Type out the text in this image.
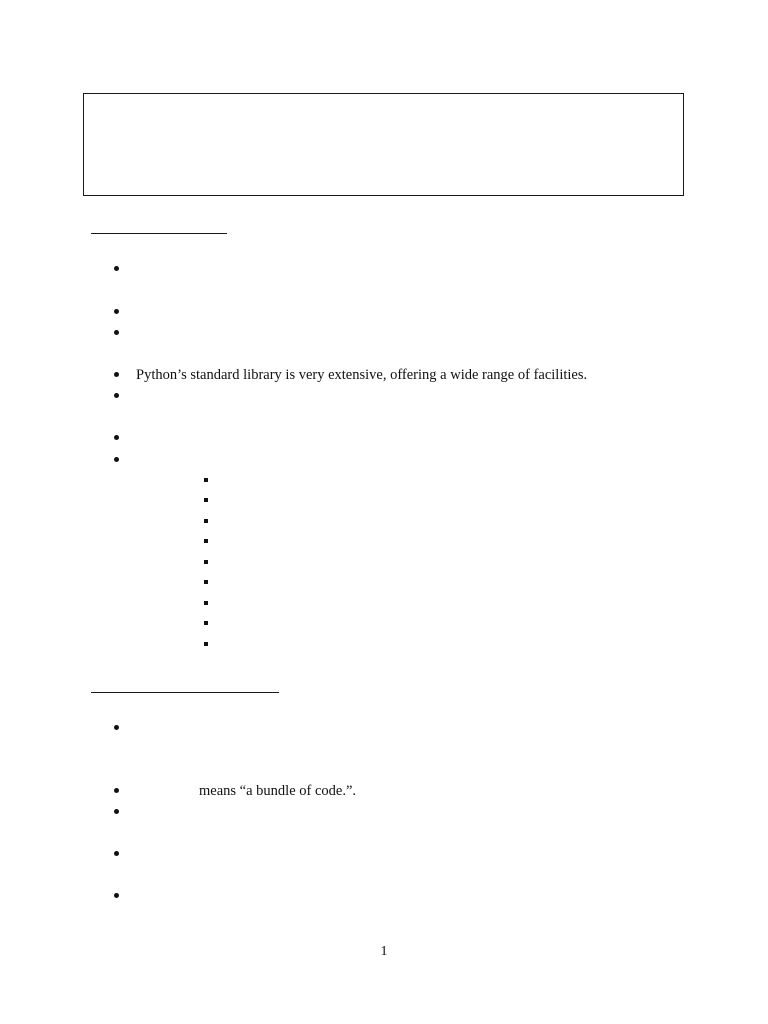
Python’s standard library is very extensive, offering a wide range of facilities.
means “a bundle of code.”.
1
